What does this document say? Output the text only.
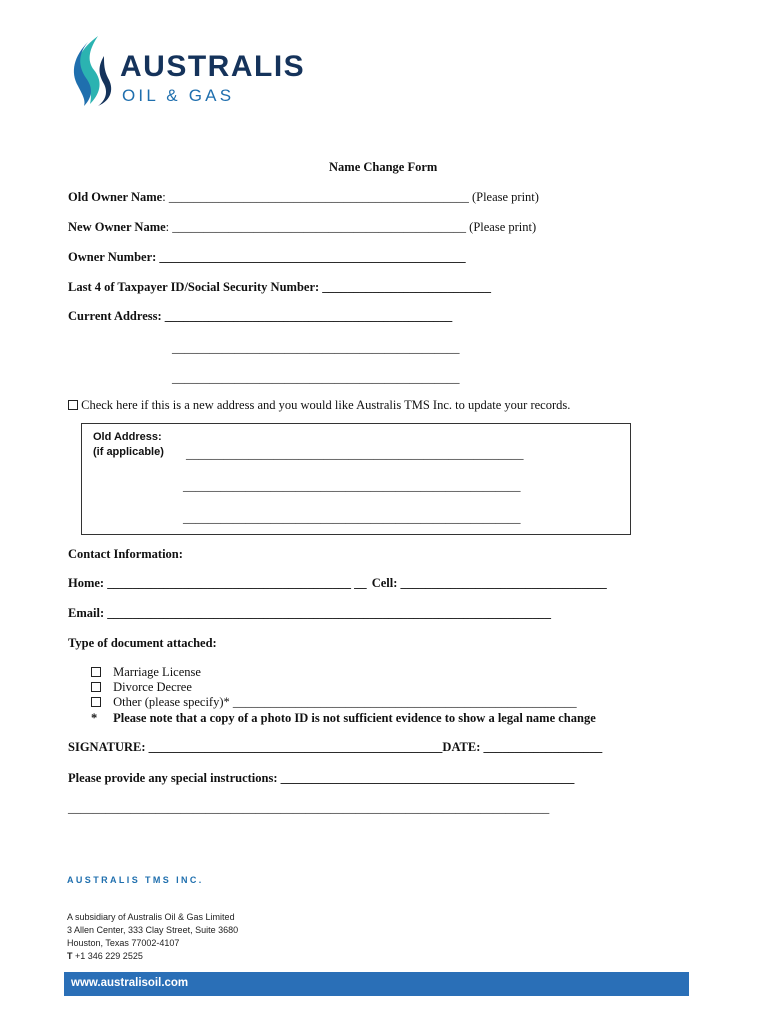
AUSTRALIS
OIL & GAS
Name Change Form
Old Owner Name: ________________________________________________ (Please print)
New Owner Name: _______________________________________________ (Please print)
Owner Number: _________________________________________________
Last 4 of Taxpayer ID/Social Security Number: ___________________________
Current Address: ______________________________________________
______________________________________________
______________________________________________
Check here if this is a new address and you would like Australis TMS Inc. to update your records.
Old Address:
(if applicable) ______________________________________________________
______________________________________________________
______________________________________________________
Contact Information:
Home: _______________________________________ __ Cell: _________________________________
Email: _______________________________________________________________________
Type of document attached:
Marriage License
Divorce Decree
Other (please specify)* _______________________________________________________
* Please note that a copy of a photo ID is not sufficient evidence to show a legal name change
SIGNATURE: _______________________________________________DATE: ___________________
Please provide any special instructions: _______________________________________________
_____________________________________________________________________________
AUSTRALIS TMS INC.
A subsidiary of Australis Oil & Gas Limited
3 Allen Center, 333 Clay Street, Suite 3680
Houston, Texas 77002-4107
T +1 346 229 2525
www.australisoil.com
